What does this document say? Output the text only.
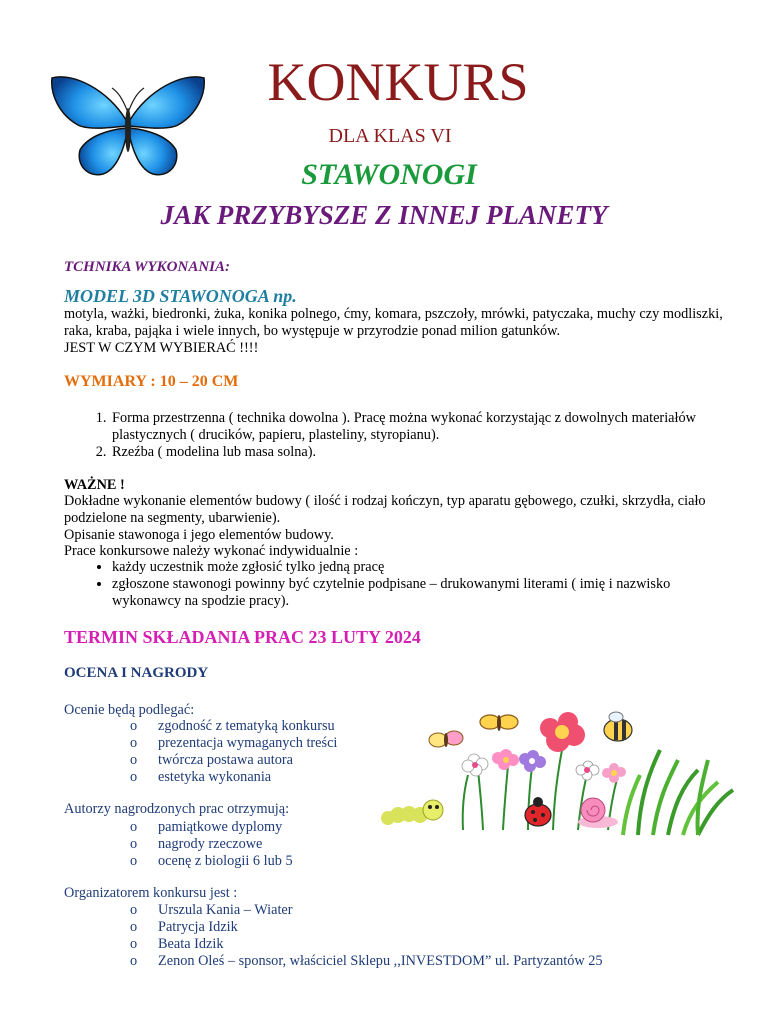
KONKURS
DLA KLAS VI
STAWONOGI
JAK PRZYBYSZE Z INNEJ PLANETY
TCHNIKA WYKONANIA:
MODEL 3D STAWONOGA np.
motyla, ważki, biedronki, żuka, konika polnego, ćmy, komara, pszczoły, mrówki, patyczaka, muchy czy modliszki, raka, kraba, pająka i wiele innych, bo występuje w przyrodzie ponad milion gatunków.
JEST W CZYM WYBIERAĆ !!!!
WYMIARY : 10 – 20 CM
1. Forma przestrzenna ( technika dowolna ). Pracę można wykonać korzystając z dowolnych materiałów plastycznych ( drucików, papieru, plasteliny, styropianu).
2. Rzeźba ( modelina lub masa solna).
WAŻNE !
Dokładne wykonanie elementów budowy ( ilość i rodzaj kończyn, typ aparatu gębowego, czułki, skrzydła, ciało podzielone na segmenty, ubarwienie).
Opisanie stawonoga i jego elementów budowy.
Prace konkursowe należy wykonać indywidualnie :
• każdy uczestnik może zgłosić tylko jedną pracę
• zgłoszone stawonogi powinny być czytelnie podpisane – drukowanymi literami ( imię i nazwisko wykonawcy na spodzie pracy).
TERMIN SKŁADANIA PRAC 23 LUTY 2024
OCENA I NAGRODY
Ocenie będą podlegać:
o zgodność z tematyką konkursu
o prezentacja wymaganych treści
o twórcza postawa autora
o estetyka wykonania
Autorzy nagrodzonych prac otrzymują:
o pamiątkowe dyplomy
o nagrody rzeczowe
o ocenę z biologii 6 lub 5
Organizatorem konkursu jest :
o Urszula Kania – Wiater
o Patrycja Idzik
o Beata Idzik
o Zenon Oleś – sponsor, właściciel Sklepu ,,INVESTDOM” ul. Partyzantów 25
